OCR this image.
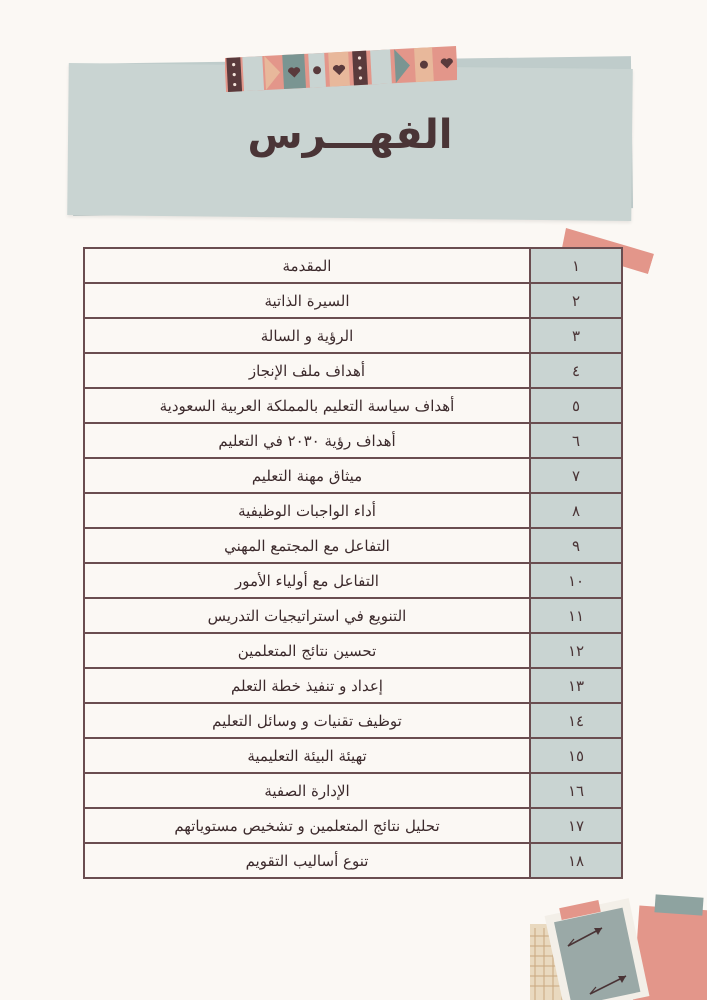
الفهـــرس
١	المقدمة
٢	السيرة الذاتية
٣	الرؤية و السالة
٤	أهداف ملف الإنجاز
٥	أهداف سياسة التعليم بالمملكة العربية السعودية
٦	أهداف رؤية ٢٠٣٠ في التعليم
٧	ميثاق مهنة التعليم
٨	أداء الواجبات الوظيفية
٩	التفاعل مع المجتمع المهني
١٠	التفاعل مع أولياء الأمور
١١	التنويع في استراتيجيات التدريس
١٢	تحسين نتائج المتعلمين
١٣	إعداد و تنفيذ خطة التعلم
١٤	توظيف تقنيات و وسائل التعليم
١٥	تهيئة البيئة التعليمية
١٦	الإدارة الصفية
١٧	تحليل نتائج المتعلمين و تشخيص مستوياتهم
١٨	تنوع أساليب التقويم
